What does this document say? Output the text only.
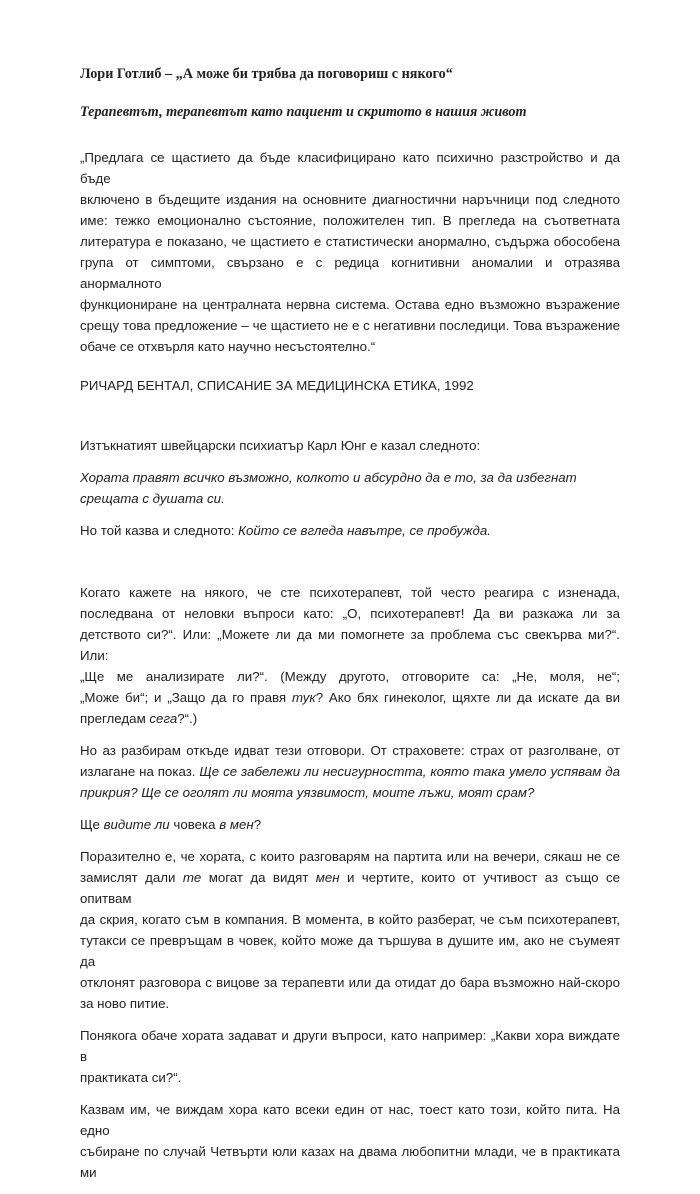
Лори Готлиб – „А може би трябва да поговориш с някого“
Терапевтът, терапевтът като пациент и скритото в нашия живот

„Предлага се щастието да бъде класифицирано като психично разстройство и да бъде
включено в бъдещите издания на основните диагностични наръчници под следното
име: тежко емоционално състояние, положителен тип. В прегледа на съответната
литература е показано, че щастието е статистически анормално, съдържа обособена
група от симптоми, свързано е с редица когнитивни аномалии и отразява анормалното
функциониране на централната нервна система. Остава едно възможно възражение
срещу това предложение – че щастието не е с негативни последици. Това възражение
обаче се отхвърля като научно несъстоятелно.“

РИЧАРД БЕНТАЛ, СПИСАНИЕ ЗА МЕДИЦИНСКА ЕТИКА, 1992

Изтъкнатият швейцарски психиатър Карл Юнг е казал следното:

Хората правят всичко възможно, колкото и абсурдно да е то, за да избегнат
срещата с душата си.

Но той казва и следното: Който се вгледа навътре, се пробужда.

Когато кажете на някого, че сте психотерапевт, той често реагира с изненада,
последвана от неловки въпроси като: „О, психотерапевт! Да ви разкажа ли за
детството си?“. Или: „Можете ли да ми помогнете за проблема със свекърва ми?“. Или:
„Ще ме анализирате ли?“. (Между другото, отговорите са: „Не, моля, не“;
„Може би“; и „Защо да го правя тук? Ако бях гинеколог, щяхте ли да искате да ви
прегледам сега?“.)

Но аз разбирам откъде идват тези отговори. От страховете: страх от разголване, от
излагане на показ. Ще се забележи ли несигурността, която така умело успявам да
прикрия? Ще се оголят ли моята уязвимост, моите лъжи, моят срам?

Ще видите ли човека в мен?

Поразително е, че хората, с които разговарям на партита или на вечери, сякаш не се
замислят дали те могат да видят мен и чертите, които от учтивост аз също се опитвам
да скрия, когато съм в компания. В момента, в който разберат, че съм психотерапевт,
тутакси се превръщам в човек, който може да тършува в душите им, ако не съумеят да
отклонят разговора с вицове за терапевти или да отидат до бара възможно най-скоро
за ново питие.

Понякога обаче хората задават и други въпроси, като например: „Какви хора виждате в
практиката си?“.

Казвам им, че виждам хора като всеки един от нас, тоест като този, който пита. На едно
събиране по случай Четвърти юли казах на двама любопитни млади, че в практиката ми
